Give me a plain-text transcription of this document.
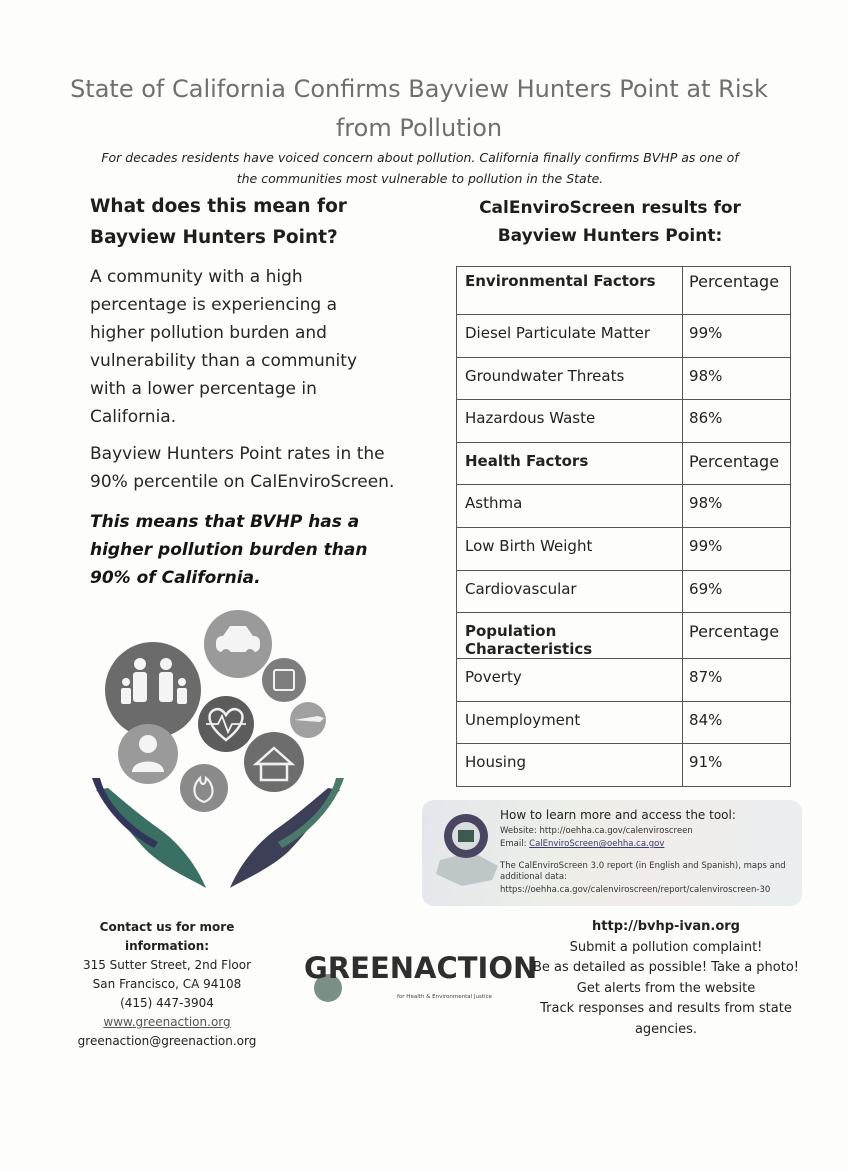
State of California Confirms Bayview Hunters Point at Risk from Pollution
For decades residents have voiced concern about pollution. California finally confirms BVHP as one of the communities most vulnerable to pollution in the State.
What does this mean for Bayview Hunters Point?
A community with a high percentage is experiencing a higher pollution burden and vulnerability than a community with a lower percentage in California.
Bayview Hunters Point rates in the 90% percentile on CalEnviroScreen.
This means that BVHP has a higher pollution burden than 90% of California.
CalEnviroScreen results for Bayview Hunters Point:
Environmental Factors	Percentage
Diesel Particulate Matter	99%
Groundwater Threats	98%
Hazardous Waste	86%
Health Factors	Percentage
Asthma	98%
Low Birth Weight	99%
Cardiovascular	69%
Population Characteristics	Percentage
Poverty	87%
Unemployment	84%
Housing	91%
How to learn more and access the tool:
Website: http://oehha.ca.gov/calenviroscreen
Email: CalEnviroScreen@oehha.ca.gov
The CalEnviroScreen 3.0 report (in English and Spanish), maps and additional data:
https://oehha.ca.gov/calenviroscreen/report/calenviroscreen-30
Contact us for more information:
315 Sutter Street, 2nd Floor
San Francisco, CA 94108
(415) 447-3904
www.greenaction.org
greenaction@greenaction.org
GREENACTION
for Health & Environmental Justice
http://bvhp-ivan.org
Submit a pollution complaint!
Be as detailed as possible! Take a photo!
Get alerts from the website
Track responses and results from state agencies.
